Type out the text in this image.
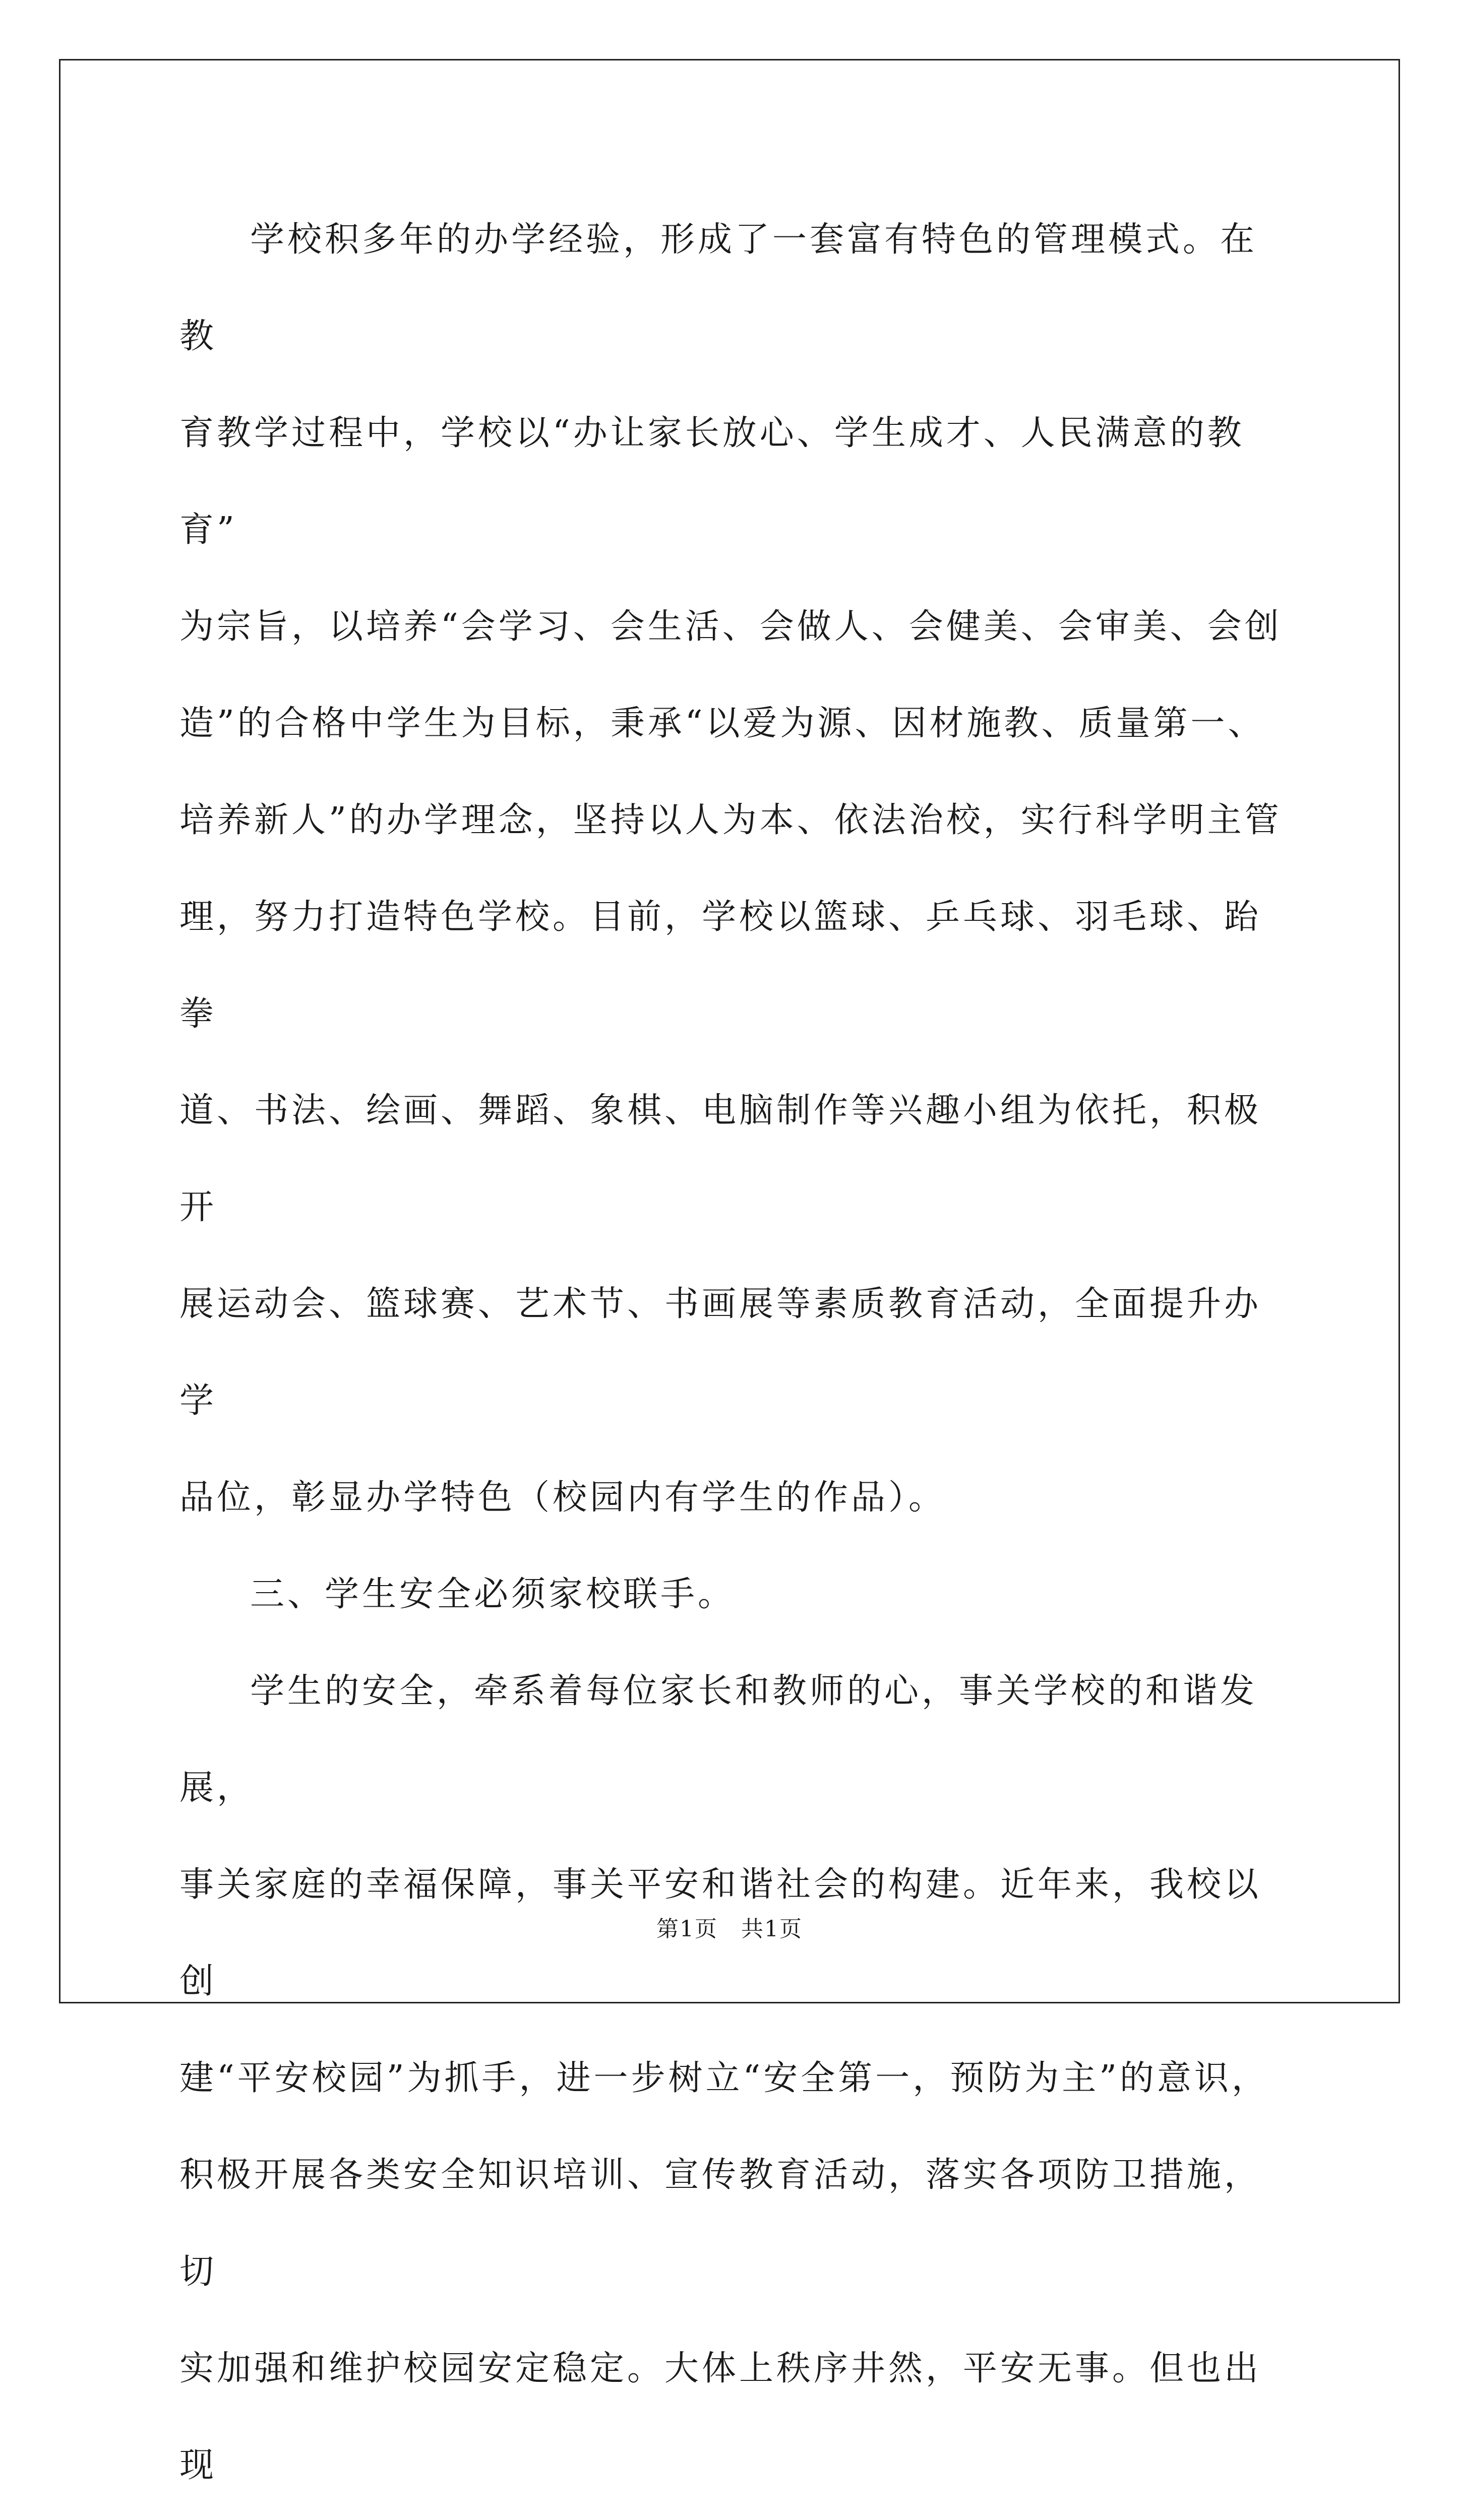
学校积多年的办学经验，形成了一套富有特色的管理模式。在教
育教学过程中，学校以“办让家长放心、学生成才、人民满意的教育”
为宗旨，以培养“会学习、会生活、会做人、会健美、会审美、会创
造”的合格中学生为目标，秉承“以爱为源、因材施教、质量第一、
培养新人”的办学理念，坚持以人为本、依法治校，实行科学明主管
理，努力打造特色学校。目前，学校以篮球、乒乓球、羽毛球、跆拳
道、书法、绘画、舞蹈、象棋、电脑制作等兴趣小组为依托，积极开
展运动会、篮球赛、艺术节、书画展等素质教育活动，全面提升办学
品位，彰显办学特色（校园内有学生的作品）。

三、学生安全必须家校联手。

学生的安全，牵系着每位家长和教师的心，事关学校的和谐发展，
事关家庭的幸福保障，事关平安和谐社会的构建。近年来，我校以创
建“平安校园”为抓手，进一步树立“安全第一，预防为主”的意识，
积极开展各类安全知识培训、宣传教育活动，落实各项防卫措施，切
实加强和维护校园安定稳定。大体上秩序井然，平安无事。但也出现

第1页　共1页
